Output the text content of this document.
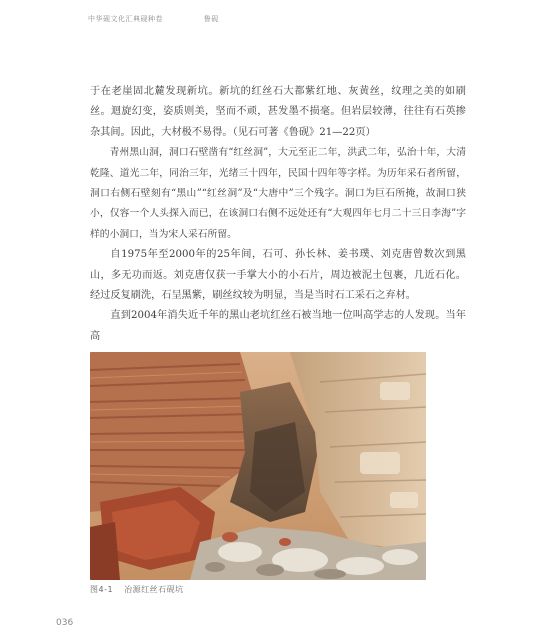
中华砚文化汇典砚种卷	鲁砚

于在老崖固北麓发现新坑。新坑的红丝石大都紫红地、灰黄丝，纹理之美的如刷丝。迴旋幻变，姿质则美，坚而不顽，甚发墨不损毫。但岩层较薄，往往有石英掺杂其间。因此，大材极不易得。（见石可著《鲁砚》21—22页）

青州黑山洞，洞口石壁凿有“红丝洞”，大元至正二年，洪武二年，弘治十年，大清乾隆、道光二年，同治三年，光绪三十四年，民国十四年等字样。为历年采石者所留，洞口右侧石壁刻有“黑山”“红丝洞”及“大唐中”三个残字。洞口为巨石所掩，故洞口狭小，仅容一个人头探入而已，在该洞口右侧不远处还有“大观四年七月二十三日李海”字样的小洞口，当为宋人采石所留。

自1975年至2000年的25年间，石可、孙长林、姜书璞、刘克唐曾数次到黑山，多无功而返。刘克唐仅获一手掌大小的小石片，周边被泥土包裹，几近石化。经过反复刷洗，石呈黑紫，刷丝纹较为明显，当是当时石工采石之弃材。

直到2004年消失近千年的黑山老坑红丝石被当地一位叫高学志的人发现。当年高

图4-1 冶源红丝石砚坑
036
